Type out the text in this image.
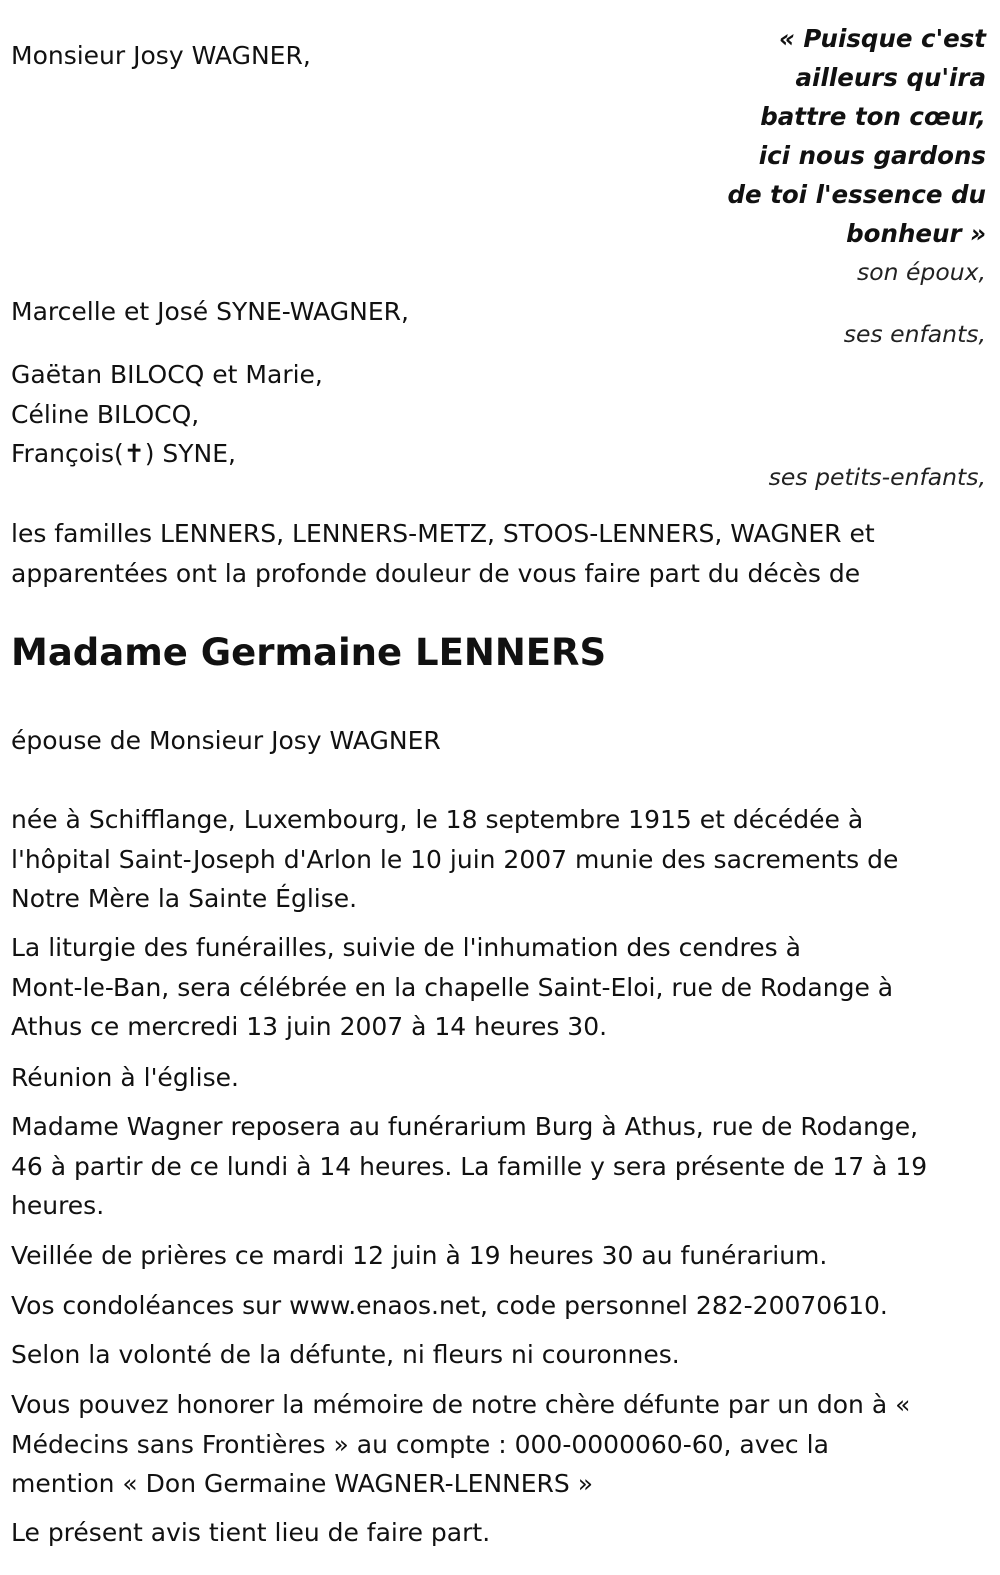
Monsieur Josy WAGNER,
« Puisque c'est
ailleurs qu'ira
battre ton cœur,
ici nous gardons
de toi l'essence du
bonheur »
son époux,
Marcelle et José SYNE-WAGNER,
ses enfants,
Gaëtan BILOCQ et Marie,
Céline BILOCQ,
François(✝) SYNE,
ses petits-enfants,
les familles LENNERS, LENNERS-METZ, STOOS-LENNERS, WAGNER et
apparentées ont la profonde douleur de vous faire part du décès de
Madame Germaine LENNERS
épouse de Monsieur Josy WAGNER
née à Schifflange, Luxembourg, le 18 septembre 1915 et décédée à
l'hôpital Saint-Joseph d'Arlon le 10 juin 2007 munie des sacrements de
Notre Mère la Sainte Église.
La liturgie des funérailles, suivie de l'inhumation des cendres à
Mont-le-Ban, sera célébrée en la chapelle Saint-Eloi, rue de Rodange à
Athus ce mercredi 13 juin 2007 à 14 heures 30.
Réunion à l'église.
Madame Wagner reposera au funérarium Burg à Athus, rue de Rodange,
46 à partir de ce lundi à 14 heures. La famille y sera présente de 17 à 19
heures.
Veillée de prières ce mardi 12 juin à 19 heures 30 au funérarium.
Vos condoléances sur www.enaos.net, code personnel 282-20070610.
Selon la volonté de la défunte, ni fleurs ni couronnes.
Vous pouvez honorer la mémoire de notre chère défunte par un don à «
Médecins sans Frontières » au compte : 000-0000060-60, avec la
mention « Don Germaine WAGNER-LENNERS »
Le présent avis tient lieu de faire part.
